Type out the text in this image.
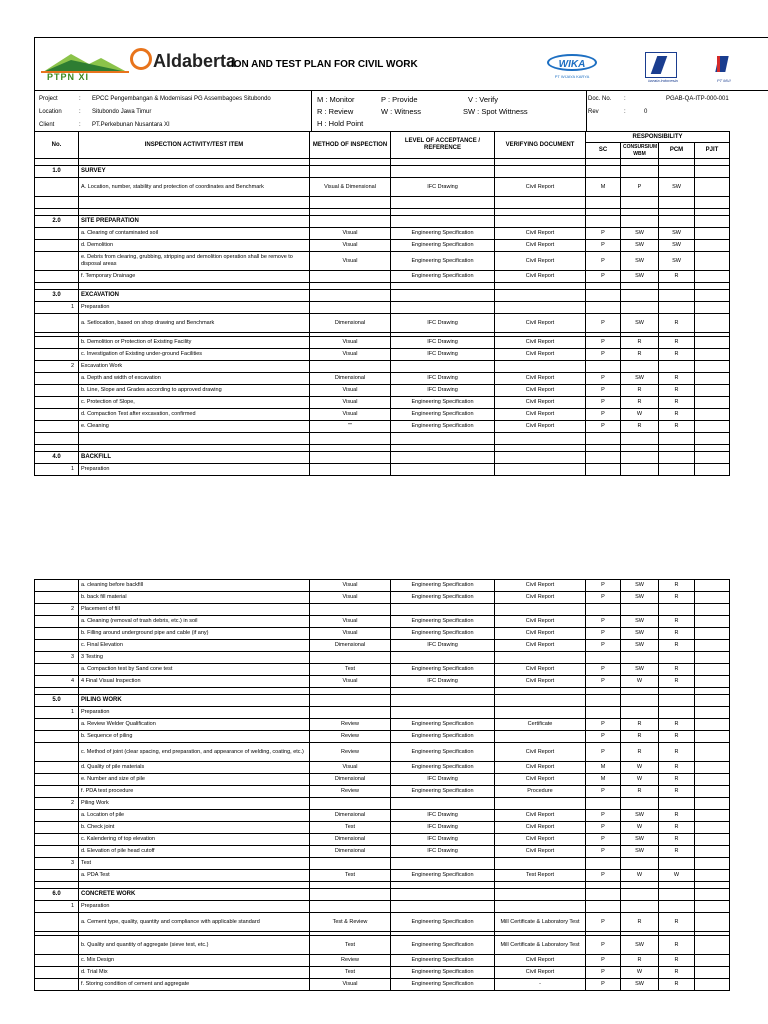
PTPN XI
Aldaberta
ION AND TEST PLAN FOR CIVIL WORK	WIKA
PT WIJAYA KARYA
barata indonesia	PT MUI
Project	: EPCC Pengembangan & Modernisasi PG Assembagoes Situbondo
Location	: Situbondo Jawa Timur
Client	: PT.Perkebunan Nusantara XI
M : Monitor	P : Provide	V : Verify
R : Review	W : Witness	SW : Spot Wittness
H : Hold Point
Doc. No. :	PGAB-QA-ITP-000-001
Rev	:	0
No.	INSPECTION ACTIVITY/TEST ITEM	METHOD OF INSPECTION	LEVEL OF ACCEPTANCE / REFERENCE	VERIFYING DOCUMENT	RESPONSIBILITY			
					SC	CONSURSIUM WBM	PCM	PJIT

1.0	SURVEY							
	A. Location, number, stability and protection of coordinates and Benchmark	Visual & Dimensional	IFC Drawing	Civil Report	M	P	SW	

2.0	SITE PREPARATION							
	a. Clearing of contaminated soil	Visual	Engineering Specification	Civil Report	P	SW	SW	
	d. Demolition	Visual	Engineering Specification	Civil Report	P	SW	SW	
	e. Debris from clearing, grubbing, stripping and demolition operation shall be remove to disposal areas	Visual	Engineering Specification	Civil Report	P	SW	SW	
	f. Temporary Drainage		Engineering Specification	Civil Report	P	SW	R	

3.0	EXCAVATION							
1	Preparation							
	a. Setlocation, based on shop drawing and Benchmark	Dimensional	IFC Drawing	Civil Report	P	SW	R	

	b. Demolition or Protection of Existing Facility	Visual	IFC Drawing	Civil Report	P	R	R	
	c. Investigation of Existing under-ground Facilities	Visual	IFC Drawing	Civil Report	P	R	R	
2	Excavation Work							
	a. Depth and width of excavation	Dimensional	IFC Drawing	Civil Report	P	SW	R	
	b. Line, Slope and Grades according to approved drawing	Visual	IFC Drawing	Civil Report	P	R	R	
	c. Protection of Slope,	Visual	Engineering Specification	Civil Report	P	R	R	
	d. Compaction Test after excavation, confirmed	Visual	Engineering Specification	Civil Report	P	W	R	
	e. Cleaning	""	Engineering Specification	Civil Report	P	R	R	

4.0	BACKFILL							
1	Preparation							
	a. cleaning before backfill	Visual	Engineering Specification	Civil Report	P	SW	R	
	b. back fill material	Visual	Engineering Specification	Civil Report	P	SW	R	
2	Placement of fill							
	a. Cleaning (removal of trash debris, etc.) in soil	Visual	Engineering Specification	Civil Report	P	SW	R	
	b. Filling around underground pipe and cable (if any)	Visual	Engineering Specification	Civil Report	P	SW	R	
	c. Final Elevation	Dimensional	IFC Drawing	Civil Report	P	SW	R	
3	3 Testing							
	a. Compaction test by Sand cone test	Test	Engineering Specification	Civil Report	P	SW	R	
4	4 Final Visual Inspection	Visual	IFC Drawing	Civil Report	P	W	R	

5.0	PILING WORK							
1	Preparation							
	a. Review Welder Qualification	Review	Engineering Specification	Certificate	P	R	R	
	b. Sequence of piling	Review	Engineering Specification		P	R	R	
	c. Method of joint (clear spacing, end preparation, and appearance of welding, coating, etc.)	Review	Engineering Specification	Civil Report	P	R	R	
	d. Quality of pile materials	Visual	Engineering Specification	Civil Report	M	W	R	
	e. Number and size of pile	Dimensional	IFC Drawing	Civil Report	M	W	R	
	f. PDA test procedure	Review	Engineering Specification	Procedure	P	R	R	
2	Piling Work							
	a. Location of pile	Dimensional	IFC Drawing	Civil Report	P	SW	R	
	b. Check joint	Test	IFC Drawing	Civil Report	P	W	R	
	c. Kalendering of top elevation	Dimensional	IFC Drawing	Civil Report	P	SW	R	
	d. Elevation of pile head cutoff	Dimensional	IFC Drawing	Civil Report	P	SW	R	
3	Test							
	a. PDA Test	Test	Engineering Specification	Test Report	P	W	W	

6.0	CONCRETE WORK							
1	Preparation							
	a. Cement type, quality, quantity and compliance with applicable standard	Test & Review	Engineering Specification	Mill Certificate & Laboratory Test	P	R	R	

	b. Quality and quantity of aggregate (sieve test, etc.)	Test	Engineering Specification	Mill Certificate & Laboratory Test	P	SW	R	
	c. Mix Design	Review	Engineering Specification	Civil Report	P	R	R	
	d. Trial Mix	Test	Engineering Specification	Civil Report	P	W	R	
	f. Storing condition of cement and aggregate	Visual	Engineering Specification	-	P	SW	R	
